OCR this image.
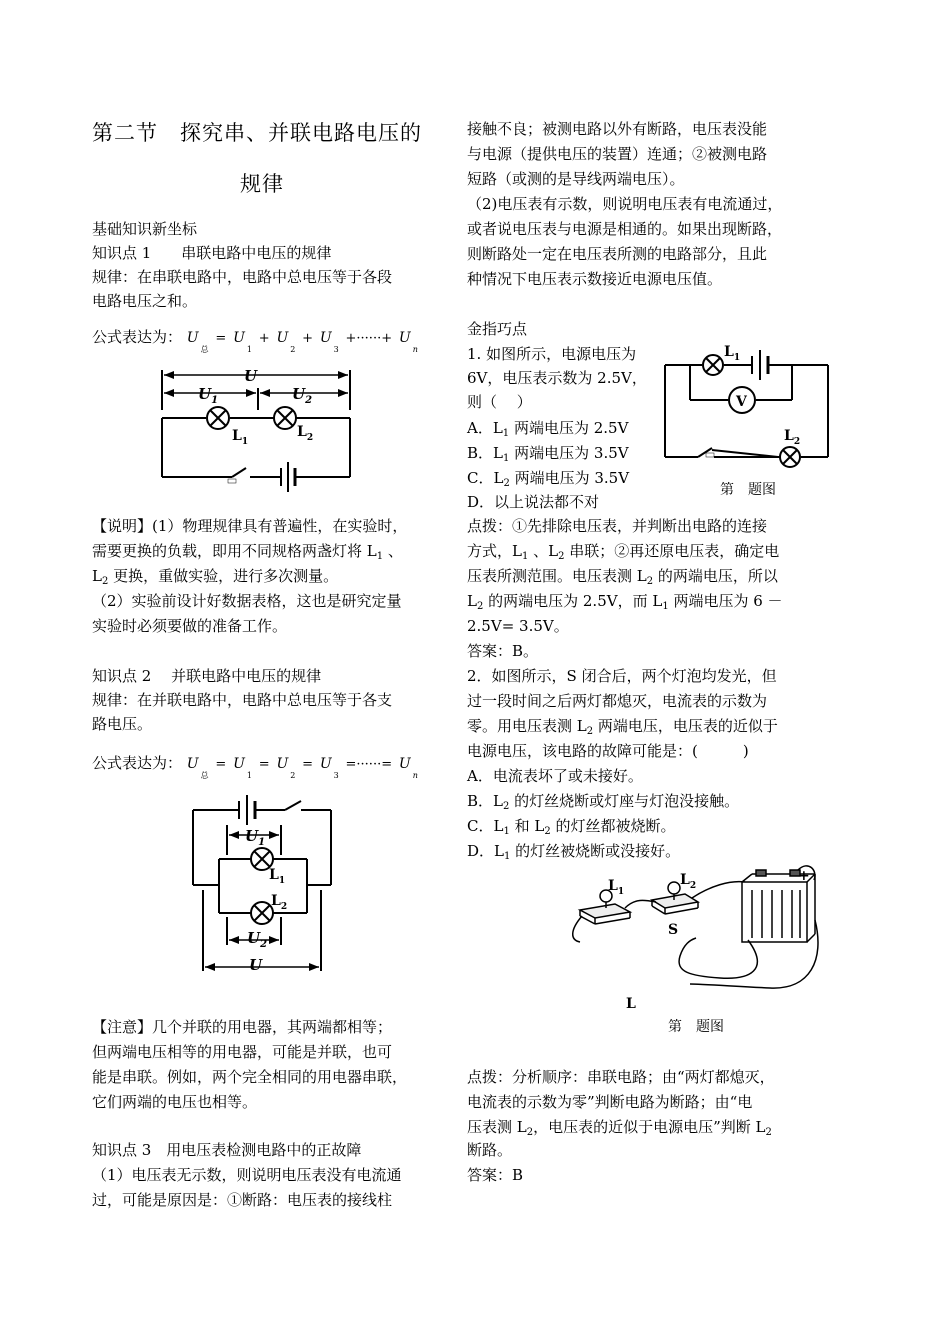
第二节　探究串、并联电路电压的
规律
基础知识新坐标
知识点 1　　串联电路中电压的规律
规律：在串联电路中，电路中总电压等于各段
电路电压之和。
公式表达为： $U_总 = U_1 + U_2 + U_3$ +······+ $U_n$
U
$U_1$	$U_2$
$L_1$
$L_2$
【说明】(1）物理规律具有普遍性，在实验时，
需要更换的负载，即用不同规格两盏灯将 $L_1$ 、
$L_2$ 更换，重做实验，进行多次测量。
（2）实验前设计好数据表格，这也是研究定量
实验时必须要做的准备工作。
知识点 2　 并联电路中电压的规律
规律：在并联电路中，电路中总电压等于各支
路电压。
公式表达为： $U_总 = U_1 = U_2 = U_3$ =······= $U_n$
$U_1$
$L_1$
$L_2$
$U_2$
U
【注意】几个并联的用电器，其两端都相等；
但两端电压相等的用电器，可能是并联，也可
能是串联。例如，两个完全相同的用电器串联，
它们两端的电压也相等。
知识点 3　用电压表检测电路中的正故障
（1）电压表无示数，则说明电压表没有电流通
过，可能是原因是：①断路：电压表的接线柱
接触不良；被测电路以外有断路，电压表没能
与电源（提供电压的装置）连通；②被测电路
短路（或测的是导线两端电压）。
（2)电压表有示数，则说明电压表有电流通过，
或者说电压表与电源是相通的。如果出现断路，
则断路处一定在电压表所测的电路部分，且此
种情况下电压表示数接近电源电压值。
金指巧点
1. 如图所示，电源电压为
6V，电压表示数为 2.5V，
则（　 ）
A．$L_1$ 两端电压为 2.5V
B．$L_1$ 两端电压为 3.5V
C．$L_2$ 两端电压为 3.5V
D．以上说法都不对
$L_1$
V
$L_2$
第　题图
点拨：①先排除电压表，并判断出电路的连接
方式，$L_1$ 、$L_2$ 串联；②再还原电压表，确定电
压表所测范围。电压表测 $L_2$ 的两端电压，所以
$L_2$ 的两端电压为 2.5V，而 $L_1$ 两端电压为 6 －
2.5V= 3.5V。
答案：B。
2．如图所示，S 闭合后，两个灯泡均发光，但
过一段时间之后两灯都熄灭，电流表的示数为
零。用电压表测 $L_2$ 两端电压，电压表的近似于
电源电压，该电路的故障可能是：(　　　)
A．电流表坏了或未接好。
B．$L_2$ 的灯丝烧断或灯座与灯泡没接触。
C．$L_1$ 和 $L_2$ 的灯丝都被烧断。
D．$L_1$ 的灯丝被烧断或没接好。
$L_1$
$L_2$
+
S
L
第　题图
点拨：分析顺序：串联电路；由“两灯都熄灭，
电流表的示数为零”判断电路为断路；由“电
压表测 $L_2$，电压表的近似于电源电压”判断 $L_2$
断路。
答案：B
